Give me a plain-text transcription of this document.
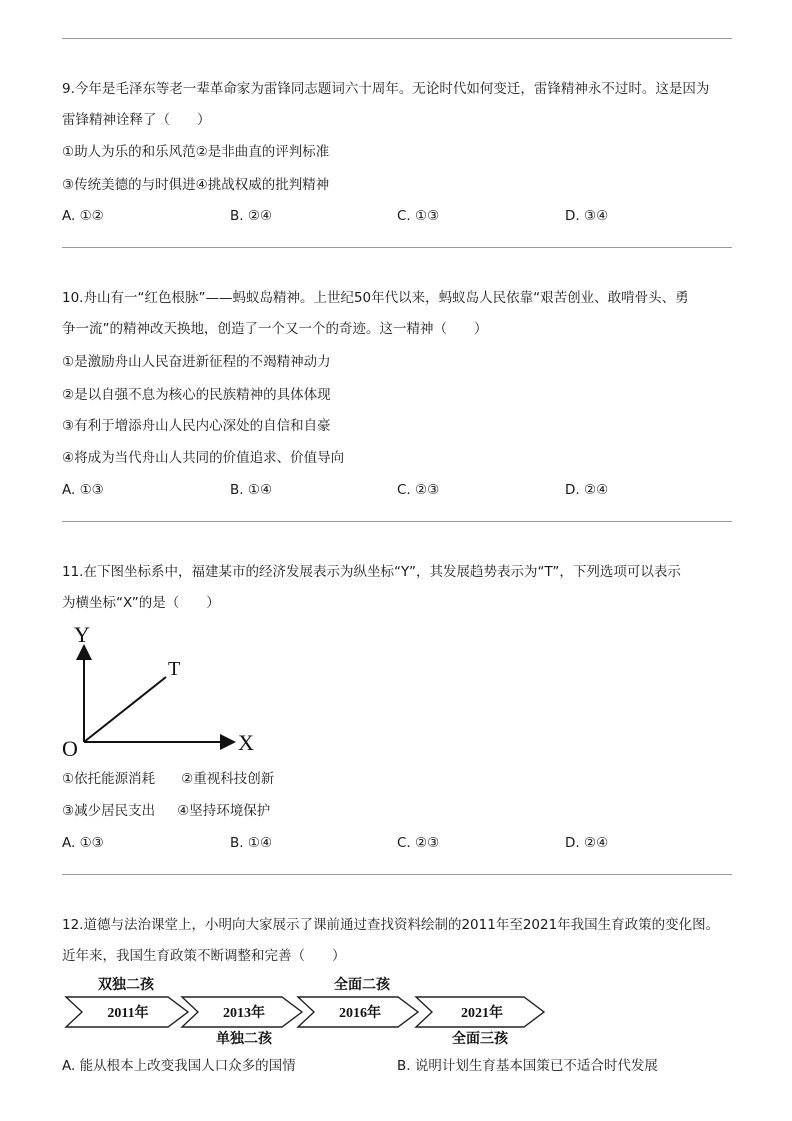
9.今年是毛泽东等老一辈革命家为雷锋同志题词六十周年。无论时代如何变迁，雷锋精神永不过时。这是因为
雷锋精神诠释了（　　）
①助人为乐的和乐风范②是非曲直的评判标准
③传统美德的与时俱进④挑战权威的批判精神
A. ①②	B. ②④	C. ①③	D. ③④
10.舟山有一“红色根脉”——蚂蚁岛精神。上世纪50年代以来，蚂蚁岛人民依靠“艰苦创业、敢啃骨头、勇
争一流”的精神改天换地，创造了一个又一个的奇迹。这一精神（　　）
①是激励舟山人民奋进新征程的不竭精神动力
②是以自强不息为核心的民族精神的具体体现
③有利于增添舟山人民内心深处的自信和自豪
④将成为当代舟山人共同的价值追求、价值导向
A. ①③	B. ①④	C. ②③	D. ②④
11.在下图坐标系中，福建某市的经济发展表示为纵坐标“Y”，其发展趋势表示为“T”，下列选项可以表示
为横坐标“X”的是（　　）
Y
T
X
O
①依托能源消耗 ②重视科技创新
③减少居民支出 ④坚持环境保护
A. ①③	B. ①④	C. ②③	D. ②④
12.道德与法治课堂上，小明向大家展示了课前通过查找资料绘制的2011年至2021年我国生育政策的变化图。
近年来，我国生育政策不断调整和完善（　　）
2011年	2013年	2016年	2021年
双独二孩
单独二孩
全面二孩
全面三孩
A. 能从根本上改变我国人口众多的国情	B. 说明计划生育基本国策已不适合时代发展
